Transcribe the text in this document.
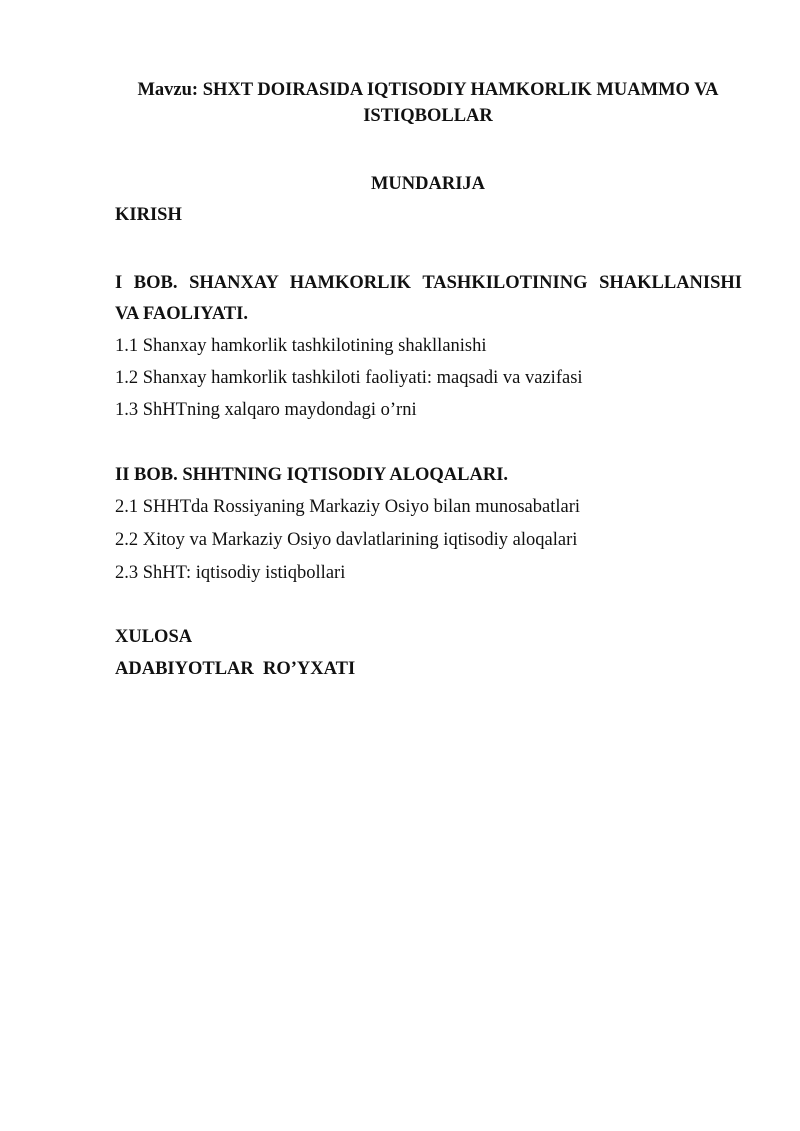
Mavzu: SHXT DOIRASIDA IQTISODIY HAMKORLIK MUAMMO VA ISTIQBOLLAR
MUNDARIJA
KIRISH
I BOB. SHANXAY HAMKORLIK TASHKILOTINING SHAKLLANISHI
VA FAOLIYATI.
1.1 Shanxay hamkorlik tashkilotining shakllanishi
1.2 Shanxay hamkorlik tashkiloti faoliyati: maqsadi va vazifasi
1.3 ShHTning xalqaro maydondagi o’rni
II BOB. SHHTNING IQTISODIY ALOQALARI.
2.1 SHHTda Rossiyaning Markaziy Osiyo bilan munosabatlari
2.2 Xitoy va Markaziy Osiyo davlatlarining iqtisodiy aloqalari
2.3 ShHT: iqtisodiy istiqbollari
XULOSA
ADABIYOTLAR  RO’YXATI
